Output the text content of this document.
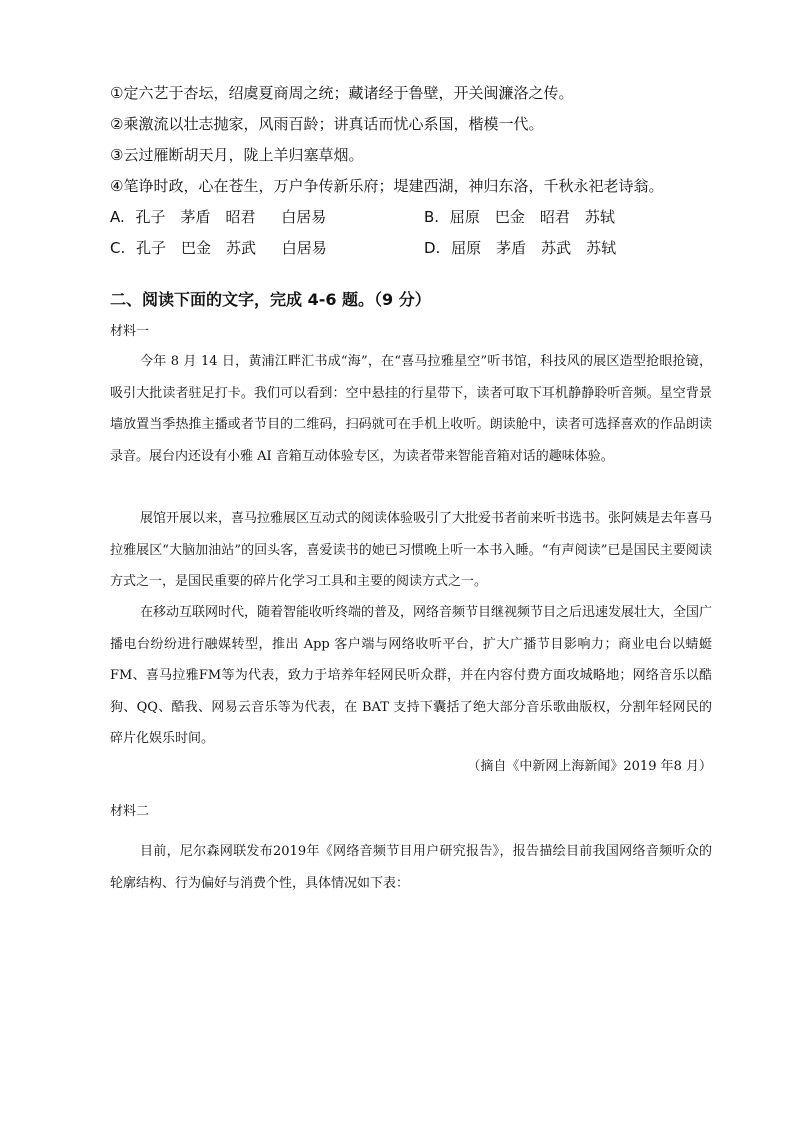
①定六艺于杏坛，绍虞夏商周之统；藏诸经于鲁壁，开关闽濂洛之传。
②乘激流以壮志抛家，风雨百龄；讲真话而忧心系国，楷模一代。
③云过雁断胡天月，陇上羊归塞草烟。
④笔诤时政，心在苍生，万户争传新乐府；堤建西湖，神归东洛，千秋永祀老诗翁。
A. 孔子　茅盾　昭君　 白居易	B. 屈原　巴金　昭君　苏轼
C. 孔子　巴金　苏武　 白居易	D. 屈原　茅盾　苏武　苏轼
二、阅读下面的文字，完成 4-6 题。（9 分）
材料一
今年 8 月 14 日，黄浦江畔汇书成“海”，在“喜马拉雅星空”听书馆，科技风的展区造型抢眼抢镜，吸引大批读者驻足打卡。我们可以看到：空中悬挂的行星带下，读者可取下耳机静静聆听音频。星空背景墙放置当季热推主播或者节目的二维码，扫码就可在手机上收听。朗读舱中，读者可选择喜欢的作品朗读录音。展台内还设有小雅 AI 音箱互动体验专区，为读者带来智能音箱对话的趣味体验。
展馆开展以来，喜马拉雅展区互动式的阅读体验吸引了大批爱书者前来听书选书。张阿姨是去年喜马拉雅展区“大脑加油站”的回头客，喜爱读书的她已习惯晚上听一本书入睡。“有声阅读”已是国民主要阅读方式之一，是国民重要的碎片化学习工具和主要的阅读方式之一。
在移动互联网时代，随着智能收听终端的普及，网络音频节目继视频节目之后迅速发展壮大，全国广播电台纷纷进行融媒转型，推出 App 客户端与网络收听平台，扩大广播节目影响力；商业电台以蜻蜓 FM、喜马拉雅FM等为代表，致力于培养年轻网民听众群，并在内容付费方面攻城略地；网络音乐以酷狗、QQ、酷我、网易云音乐等为代表，在 BAT 支持下囊括了绝大部分音乐歌曲版权，分割年轻网民的碎片化娱乐时间。
（摘自《中新网上海新闻》2019 年8 月）
材料二
目前，尼尔森网联发布2019年《网络音频节目用户研究报告》，报告描绘目前我国网络音频听众的轮廓结构、行为偏好与消费个性，具体情况如下表：
